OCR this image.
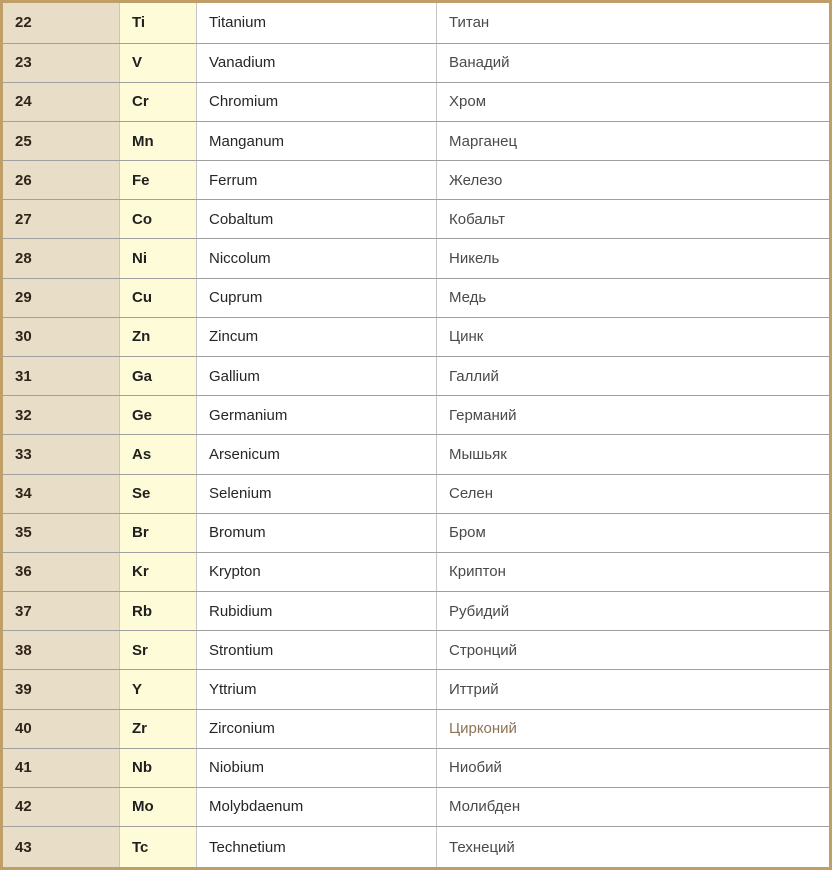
22	Ti	Titanium	Титан
23	V	Vanadium	Ванадий
24	Cr	Chromium	Хром
25	Mn	Manganum	Марганец
26	Fe	Ferrum	Железо
27	Co	Cobaltum	Кобальт
28	Ni	Niccolum	Никель
29	Cu	Cuprum	Медь
30	Zn	Zincum	Цинк
31	Ga	Gallium	Галлий
32	Ge	Germanium	Германий
33	As	Arsenicum	Мышьяк
34	Se	Selenium	Селен
35	Br	Bromum	Бром
36	Kr	Krypton	Криптон
37	Rb	Rubidium	Рубидий
38	Sr	Strontium	Стронций
39	Y	Yttrium	Иттрий
40	Zr	Zirconium	Цирконий
41	Nb	Niobium	Ниобий
42	Mo	Molybdaenum	Молибден
43	Tc	Technetium	Технеций
